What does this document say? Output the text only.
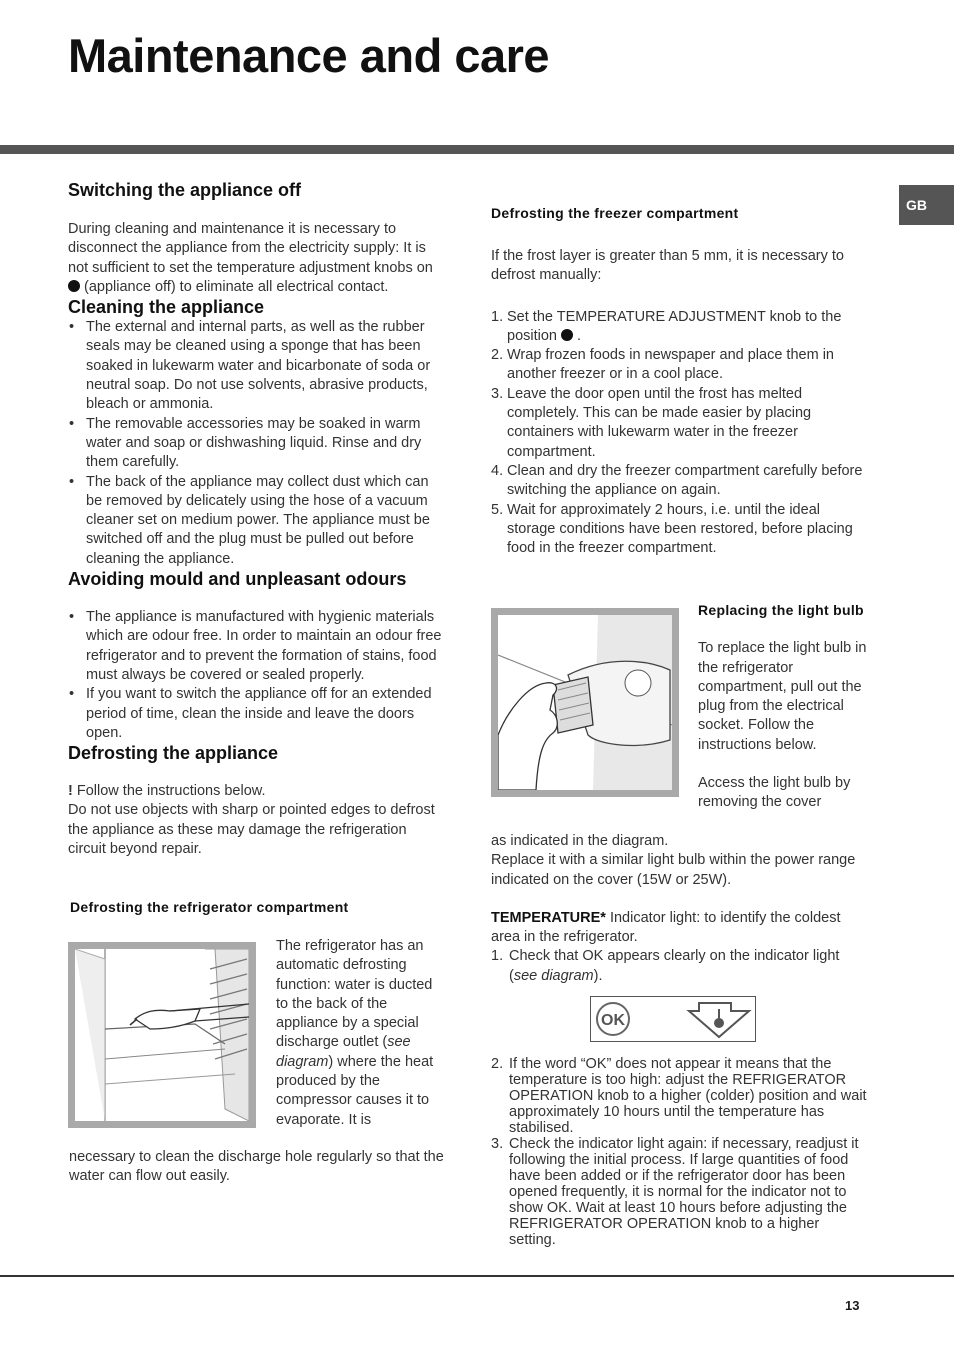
Maintenance and care
GB
Switching the appliance off

During cleaning and maintenance it is necessary to disconnect the appliance from the electricity supply: It is not sufficient to set the temperature adjustment knobs on  (appliance off) to eliminate all electrical contact.

Cleaning the appliance
• The external and internal parts, as well as the rubber seals may be cleaned using a sponge that has been soaked in lukewarm water and bicarbonate of soda or neutral soap. Do not use solvents, abrasive products, bleach or ammonia.
• The removable accessories may be soaked in warm water and soap or dishwashing liquid. Rinse and dry them carefully.
• The back of the appliance may collect dust which can be removed by delicately using the hose of a vacuum cleaner set on medium power. The appliance must be switched off and the plug must be pulled out before cleaning the appliance.
Avoiding mould and unpleasant odours
• The appliance is manufactured with hygienic materials which are odour free. In order to maintain an odour free refrigerator and to prevent the formation of stains, food must always be covered or sealed properly.
• If you want to switch the appliance off for an extended period of time, clean the inside and leave the doors open.
Defrosting the appliance

! Follow the instructions below.

Do not use objects with sharp or pointed edges to defrost the appliance as these may damage the refrigeration circuit beyond repair.

Defrosting the refrigerator compartment
The refrigerator has an automatic defrosting function: water is ducted to the back of the appliance by a special discharge outlet (see diagram) where the heat produced by the compressor causes it to evaporate. It is
necessary to clean the discharge hole regularly so that the water can flow out easily.
Defrosting the freezer compartment

If the frost layer is greater than 5 mm, it is necessary to defrost manually:

1. Set the TEMPERATURE ADJUSTMENT knob to the position .
2. Wrap frozen foods in newspaper and place them in another freezer or in a cool place.
3. Leave the door open until the frost has melted completely. This can be made easier by placing containers with lukewarm water in the freezer compartment.
4. Clean and dry the freezer compartment carefully before switching the appliance on again.
5. Wait for approximately 2 hours, i.e. until the ideal storage conditions have been restored, before placing food in the freezer compartment.
Replacing the light bulb

To replace the light bulb in the refrigerator compartment, pull out the plug from the electrical socket. Follow the instructions below.

Access the light bulb by removing the cover

as indicated in the diagram.

Replace it with a similar light bulb within the power range indicated on the cover (15W or 25W).

TEMPERATURE* Indicator light: to identify the coldest area in the refrigerator.

1. Check that OK appears clearly on the indicator light (see diagram).
OK
2. If the word “OK” does not appear it means that the temperature is too high: adjust the REFRIGERATOR OPERATION knob to a higher (colder) position and wait approximately 10 hours until the temperature has stabilised.
3. Check the indicator light again: if necessary, readjust it following the initial process. If large quantities of food have been added or if the refrigerator door has been opened frequently, it is normal for the indicator not to show OK. Wait at least 10 hours before adjusting the REFRIGERATOR OPERATION knob to a higher setting.
13
